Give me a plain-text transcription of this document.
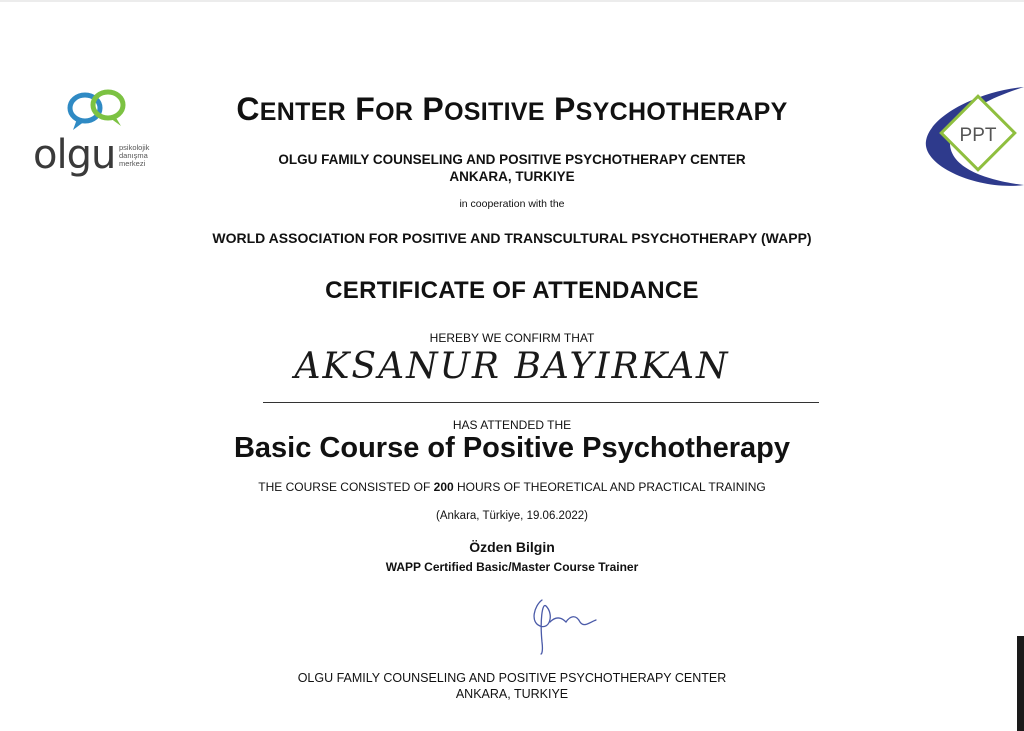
olgu psikolojik
danışma
merkezi
PPT
CENTER FOR POSITIVE PSYCHOTHERAPY
OLGU FAMILY COUNSELING AND POSITIVE PSYCHOTHERAPY CENTER
ANKARA, TURKIYE
in cooperation with the
WORLD ASSOCIATION FOR POSITIVE AND TRANSCULTURAL PSYCHOTHERAPY (WAPP)
CERTIFICATE OF ATTENDANCE
HEREBY WE CONFIRM THAT
AKSANUR BAYIRKAN
HAS ATTENDED THE
Basic Course of Positive Psychotherapy
THE COURSE CONSISTED OF 200 HOURS OF THEORETICAL AND PRACTICAL TRAINING
(Ankara, Türkiye, 19.06.2022)
Özden Bilgin
WAPP Certified Basic/Master Course Trainer
OLGU FAMILY COUNSELING AND POSITIVE PSYCHOTHERAPY CENTER
ANKARA, TURKIYE
